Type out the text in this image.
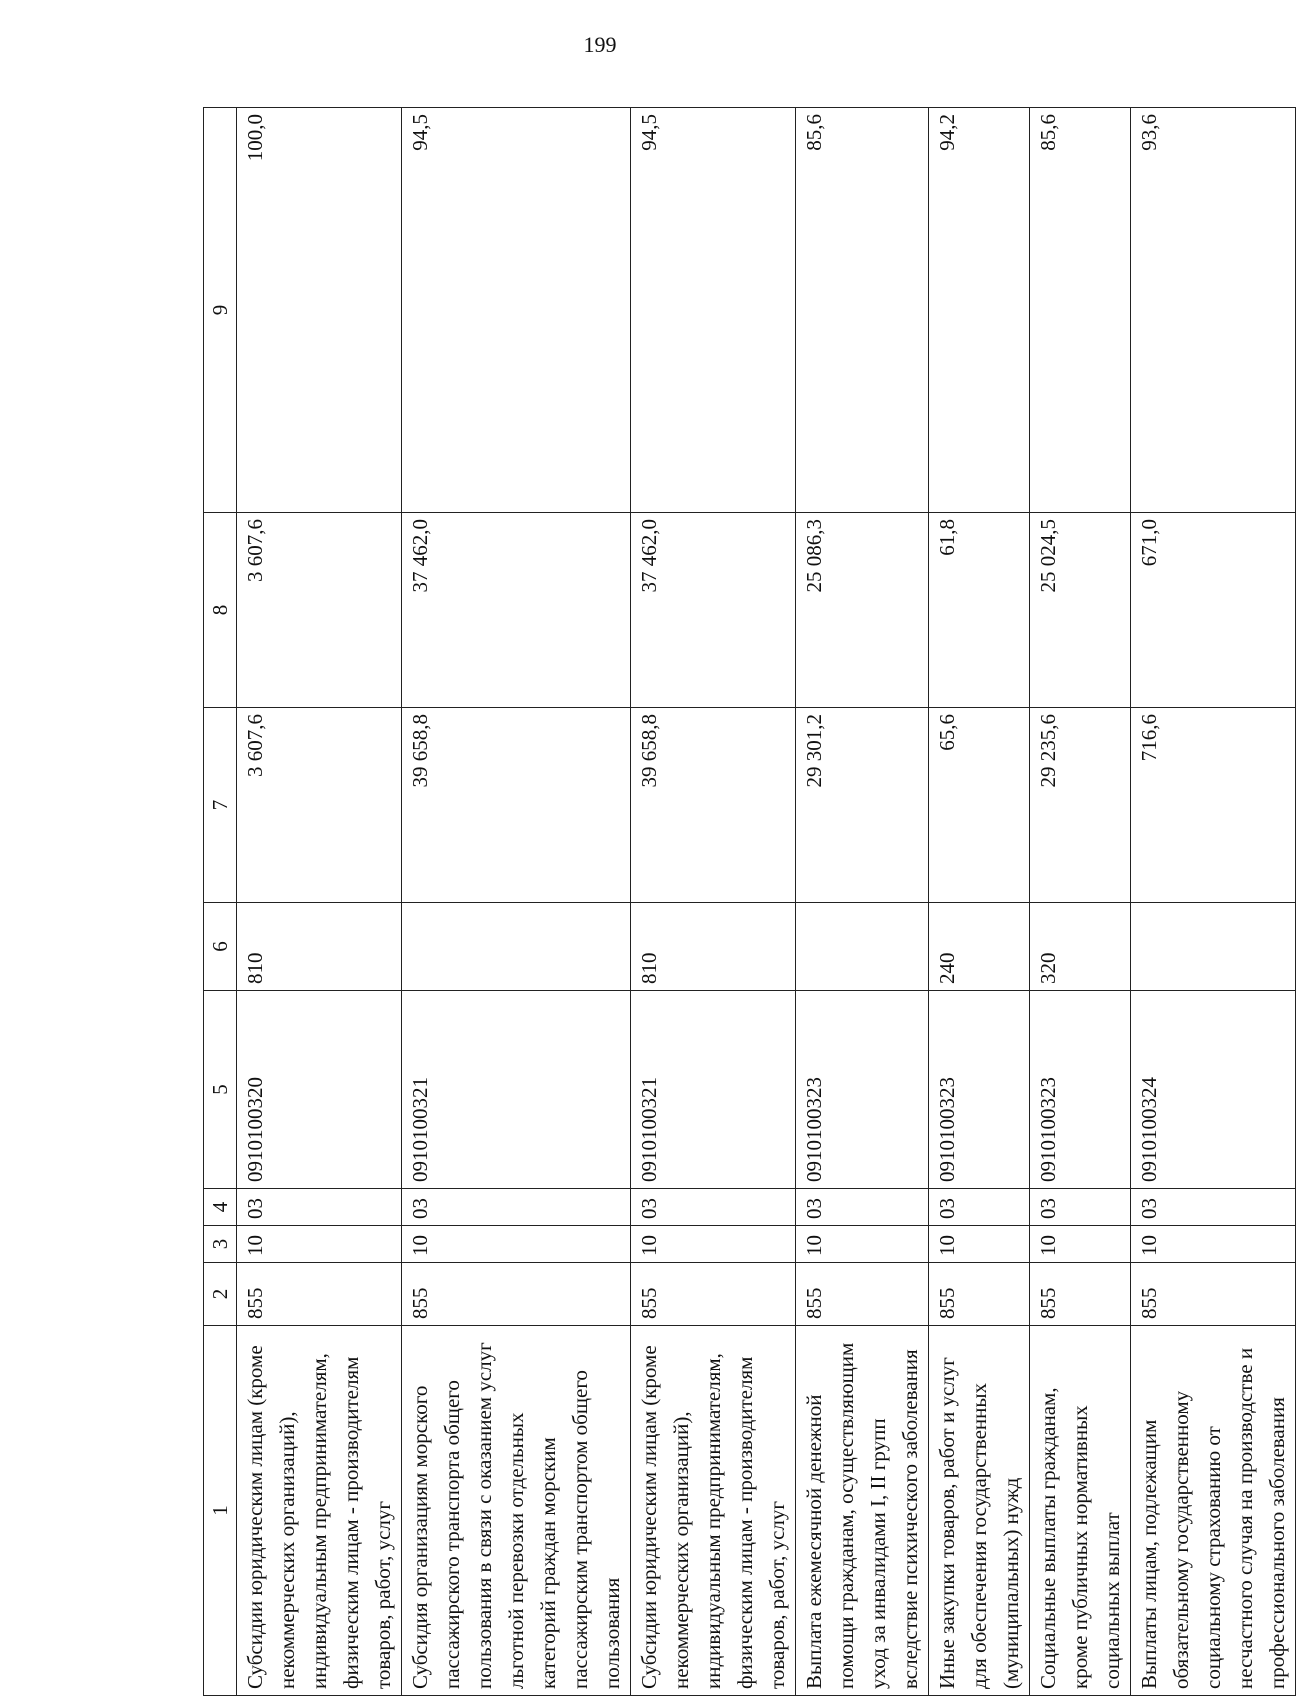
199
1	2	3	4	5	6	7	8	9
Субсидии юридическим лицам (кроме некоммерческих организаций), индивидуальным предпринимателям, физическим лицам - производителям товаров, работ, услуг	855	10	03	0910100320	810	3 607,6	3 607,6	100,0
Субсидия организациям морского пассажирского транспорта общего пользования в связи с оказанием услуг льготной перевозки отдельных категорий граждан морским пассажирским транспортом общего пользования	855	10	03	0910100321		39 658,8	37 462,0	94,5
Субсидии юридическим лицам (кроме некоммерческих организаций), индивидуальным предпринимателям, физическим лицам - производителям товаров, работ, услуг	855	10	03	0910100321	810	39 658,8	37 462,0	94,5
Выплата ежемесячной денежной помощи гражданам, осуществляющим уход за инвалидами I, II групп вследствие психического заболевания	855	10	03	0910100323		29 301,2	25 086,3	85,6
Иные закупки товаров, работ и услуг для обеспечения государственных (муниципальных) нужд	855	10	03	0910100323	240	65,6	61,8	94,2
Социальные выплаты гражданам, кроме публичных нормативных социальных выплат	855	10	03	0910100323	320	29 235,6	25 024,5	85,6
Выплаты лицам, подлежащим обязательному государственному социальному страхованию от несчастного случая на производстве и профессионального заболевания	855	10	03	0910100324		716,6	671,0	93,6
